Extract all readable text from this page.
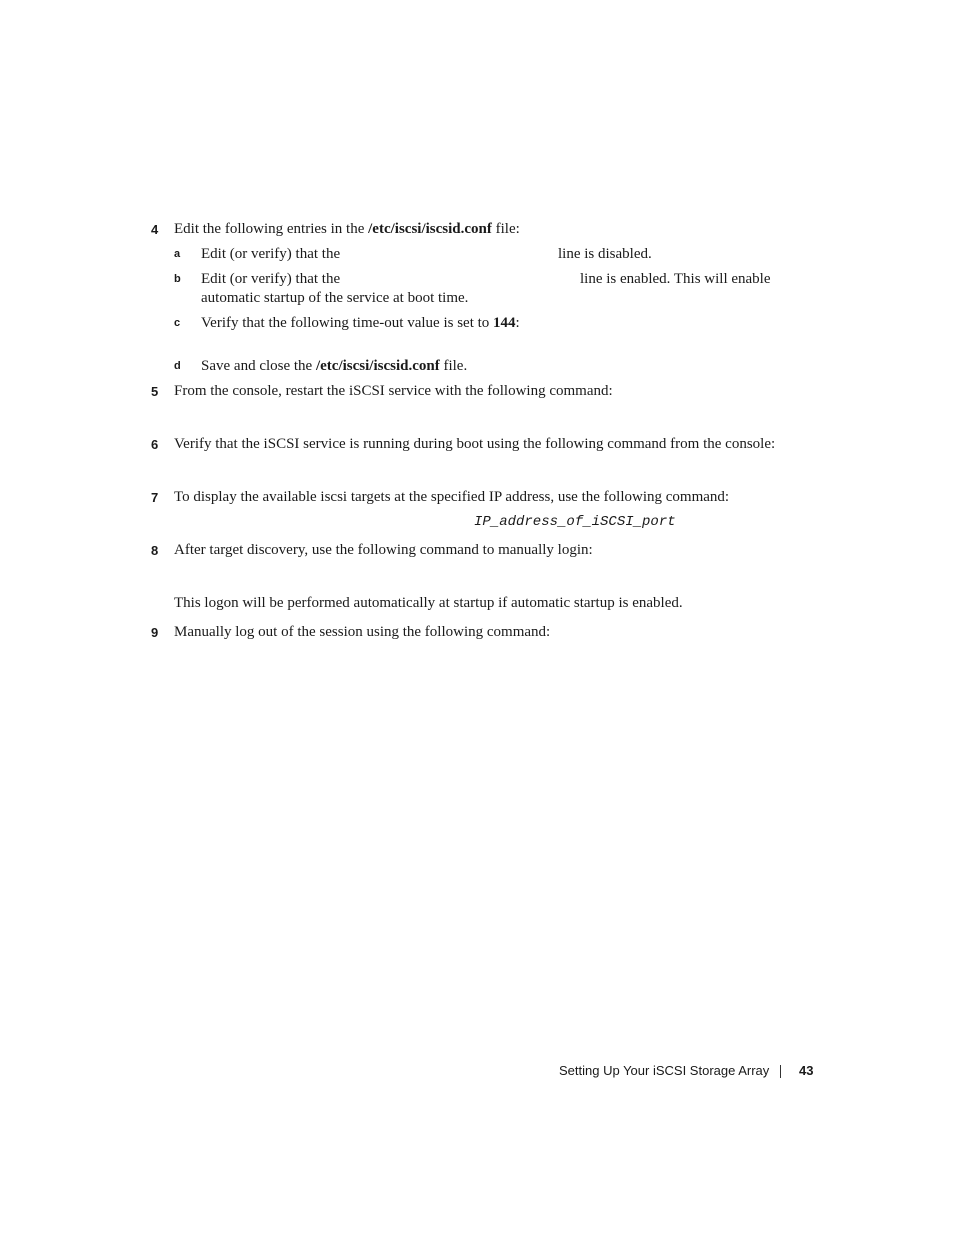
4 Edit the following entries in the /etc/iscsi/iscsid.conf file:
a Edit (or verify) that the	line is disabled.
b Edit (or verify) that the	line is enabled. This will enable
automatic startup of the service at boot time.
c Verify that the following time-out value is set to 144:
d Save and close the /etc/iscsi/iscsid.conf file.
5 From the console, restart the iSCSI service with the following command:
6 Verify that the iSCSI service is running during boot using the following command from the console:
7 To display the available iscsi targets at the specified IP address, use the following command:
IP_address_of_iSCSI_port
8 After target discovery, use the following command to manually login:
This logon will be performed automatically at startup if automatic startup is enabled.
9 Manually log out of the session using the following command:
Setting Up Your iSCSI Storage Array 43
